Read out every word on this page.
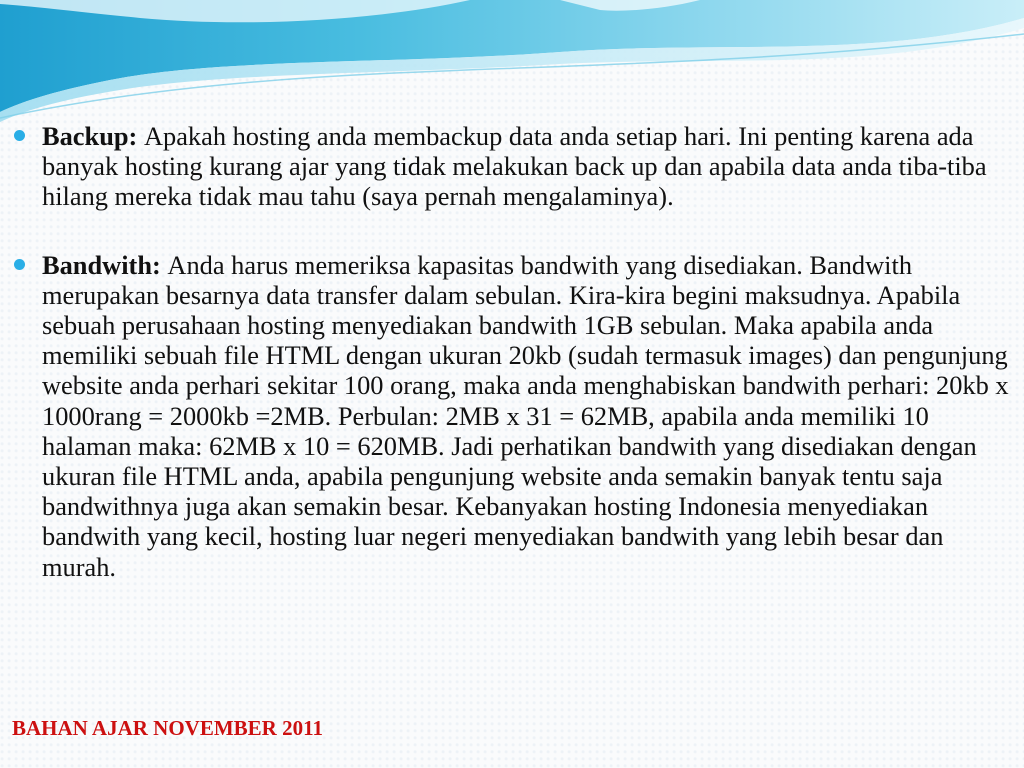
Backup: Apakah hosting anda membackup data anda setiap hari. Ini penting karena ada banyak hosting kurang ajar yang tidak melakukan back up dan apabila data anda tiba-tiba hilang mereka tidak mau tahu (saya pernah mengalaminya).
Bandwith: Anda harus memeriksa kapasitas bandwith yang disediakan. Bandwith merupakan besarnya data transfer dalam sebulan. Kira-kira begini maksudnya. Apabila sebuah perusahaan hosting menyediakan bandwith 1GB sebulan. Maka apabila anda memiliki sebuah file HTML dengan ukuran 20kb (sudah termasuk images) dan pengunjung website anda perhari sekitar 100 orang, maka anda menghabiskan bandwith perhari: 20kb x 1000rang = 2000kb =2MB. Perbulan: 2MB x 31 = 62MB, apabila anda memiliki 10 halaman maka: 62MB x 10 = 620MB. Jadi perhatikan bandwith yang disediakan dengan ukuran file HTML anda, apabila pengunjung website anda semakin banyak tentu saja bandwithnya juga akan semakin besar. Kebanyakan hosting Indonesia menyediakan bandwith yang kecil, hosting luar negeri menyediakan bandwith yang lebih besar dan murah.
BAHAN AJAR NOVEMBER 2011
